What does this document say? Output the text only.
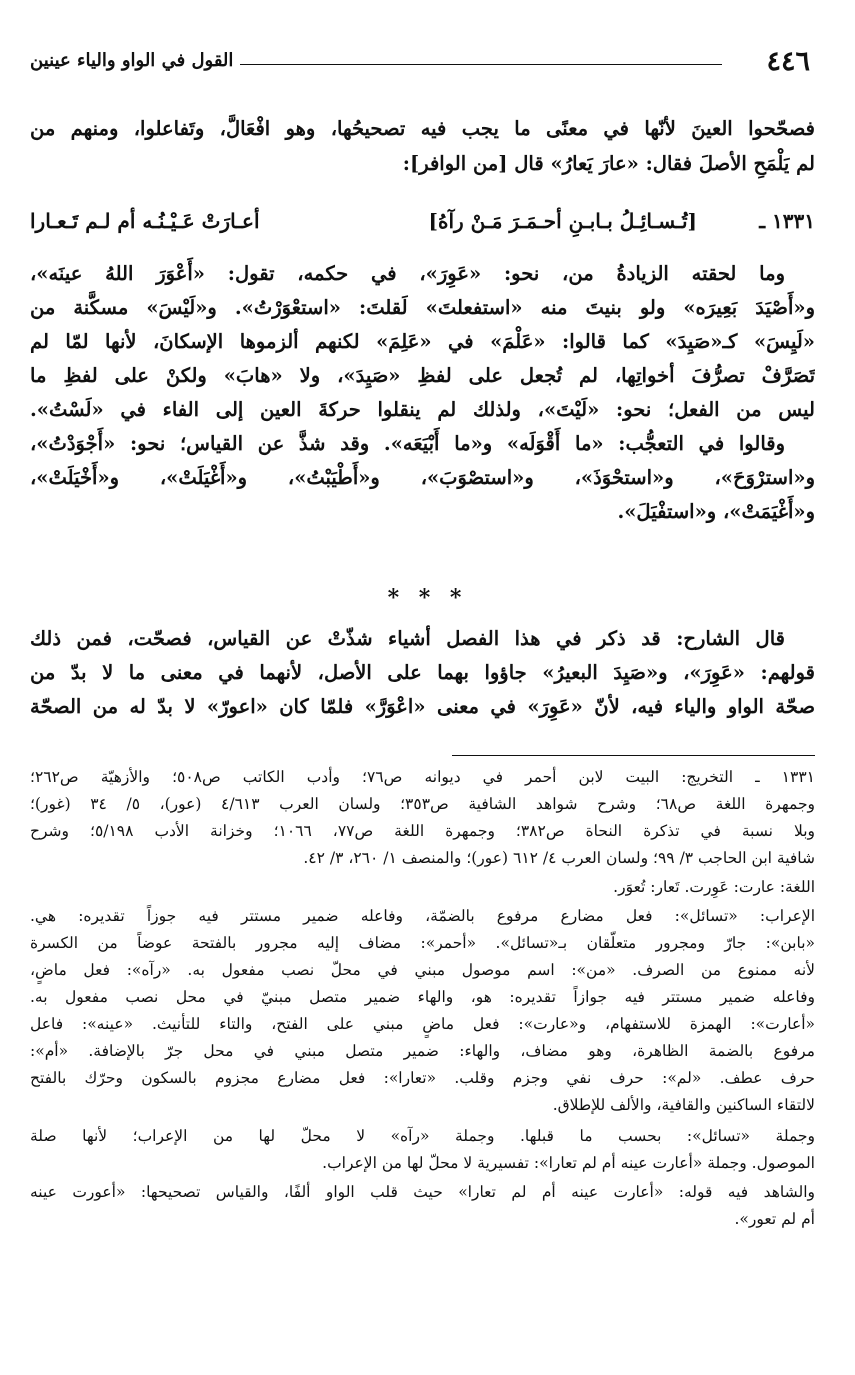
٤٤٦
القول في الواو والياء عينين
فصحّحوا العينَ لأنّها في معنًى ما يجب فيه تصحيحُها، وهو افْعَالَّ، وتَفاعلوا، ومنهم من
لم يَلْمَحِ الأصلَ فقال: «عارَ يَعارُ» قال [من الوافر]:
١٣٣١ ـ
[تُـسـائِـلُ بـابـنِ أحـمَـرَ مَـنْ رآهُ]
أعـارَتْ عَـيْـنُـه أم لـم تَـعـارا
وما لحقته الزيادةُ من، نحو: «عَوِرَ»، في حكمه، تقول: «أَعْوَرَ اللهُ عينَه»،
و«أَصْيَدَ بَعِيرَه» ولو بنيتَ منه «استفعلتَ» لَقلتَ: «استعْوَرْتُ». و«لَيْسَ» مسكَّنة من
«لَيِسَ» كـ«صَيِدَ» كما قالوا: «عَلْمَ» في «عَلِمَ» لكنهم ألزموها الإسكانَ، لأنها لمّا لم
تَصَرَّفْ تصرُّفَ أخواتِها، لم تُجعل على لفظِ «صَيِدَ»، ولا «هابَ» ولكنْ على لفظِ ما
ليس من الفعل؛ نحو: «لَيْتَ»، ولذلك لم ينقلوا حركةَ العين إلى الفاء في «لَسْتُ».
وقالوا في التعجُّب: «ما أَقْوَلَه» و«ما أَبْيَعَه». وقد شذَّ عن القياس؛ نحو: «أَجْوَدْتُ»،
و«استرْوَحَ»، و«استحْوَذَ»، و«استصْوَبَ»، و«أَطْيَبْتُ»، و«أَغْيَلَتْ»، و«أَخْيَلَتْ»،
و«أَغْيَمَتْ»، و«استفْيَلَ».
* * *
قال الشارح: قد ذكر في هذا الفصل أشياء شذّتْ عن القياس، فصحّت، فمن ذلك
قولهم: «عَوِرَ»، و«صَيِدَ البعيرُ» جاؤوا بهما على الأصل، لأنهما في معنى ما لا بدّ من
صحّة الواو والياء فيه، لأنّ «عَوِرَ» في معنى «اعْوَرَّ» فلمّا كان «اعورّ» لا بدّ له من الصحّة
١٣٣١ ـ التخريج: البيت لابن أحمر في ديوانه ص٧٦؛ وأدب الكاتب ص٥٠٨؛ والأزهيّة ص٢٦٢؛
وجمهرة اللغة ص٦٨؛ وشرح شواهد الشافية ص٣٥٣؛ ولسان العرب ٤/٦١٣ (عور)، ٥/ ٣٤ (غور)؛
وبلا نسبة في تذكرة النحاة ص٣٨٢؛ وجمهرة اللغة ص٧٧، ١٠٦٦؛ وخزانة الأدب ٥/١٩٨؛ وشرح
شافية ابن الحاجب ٣/ ٩٩؛ ولسان العرب ٤/ ٦١٢ (عور)؛ والمنصف ١/ ٢٦٠، ٣/ ٤٢.
اللغة: عارت: عَوِرت. تَعار: تُعوَر.
الإعراب: «تسائل»: فعل مضارع مرفوع بالضمّة، وفاعله ضمير مستتر فيه جوزاً تقديره: هي.
«بابن»: جارّ ومجرور متعلّقان بـ«تسائل». «أحمر»: مضاف إليه مجرور بالفتحة عوضاً من الكسرة
لأنه ممنوع من الصرف. «من»: اسم موصول مبني في محلّ نصب مفعول به. «رآه»: فعل ماضٍ،
وفاعله ضمير مستتر فيه جوازاً تقديره: هو، والهاء ضمير متصل مبنيّ في محل نصب مفعول به.
«أعارت»: الهمزة للاستفهام، و«عارت»: فعل ماضٍ مبني على الفتح، والتاء للتأنيث. «عينه»: فاعل
مرفوع بالضمة الظاهرة، وهو مضاف، والهاء: ضمير متصل مبني في محل جرّ بالإضافة. «أم»:
حرف عطف. «لم»: حرف نفي وجزم وقلب. «تعارا»: فعل مضارع مجزوم بالسكون وحرّك بالفتح
لالتقاء الساكنين والقافية، والألف للإطلاق.
وجملة «تسائل»: بحسب ما قبلها. وجملة «رآه» لا محلّ لها من الإعراب؛ لأنها صلة
الموصول. وجملة «أعارت عينه أم لم تعارا»: تفسيرية لا محلّ لها من الإعراب.
والشاهد فيه قوله: «أعارت عينه أم لم تعارا» حيث قلب الواو ألفًا، والقياس تصحيحها: «أعورت عينه
أم لم تعور».
